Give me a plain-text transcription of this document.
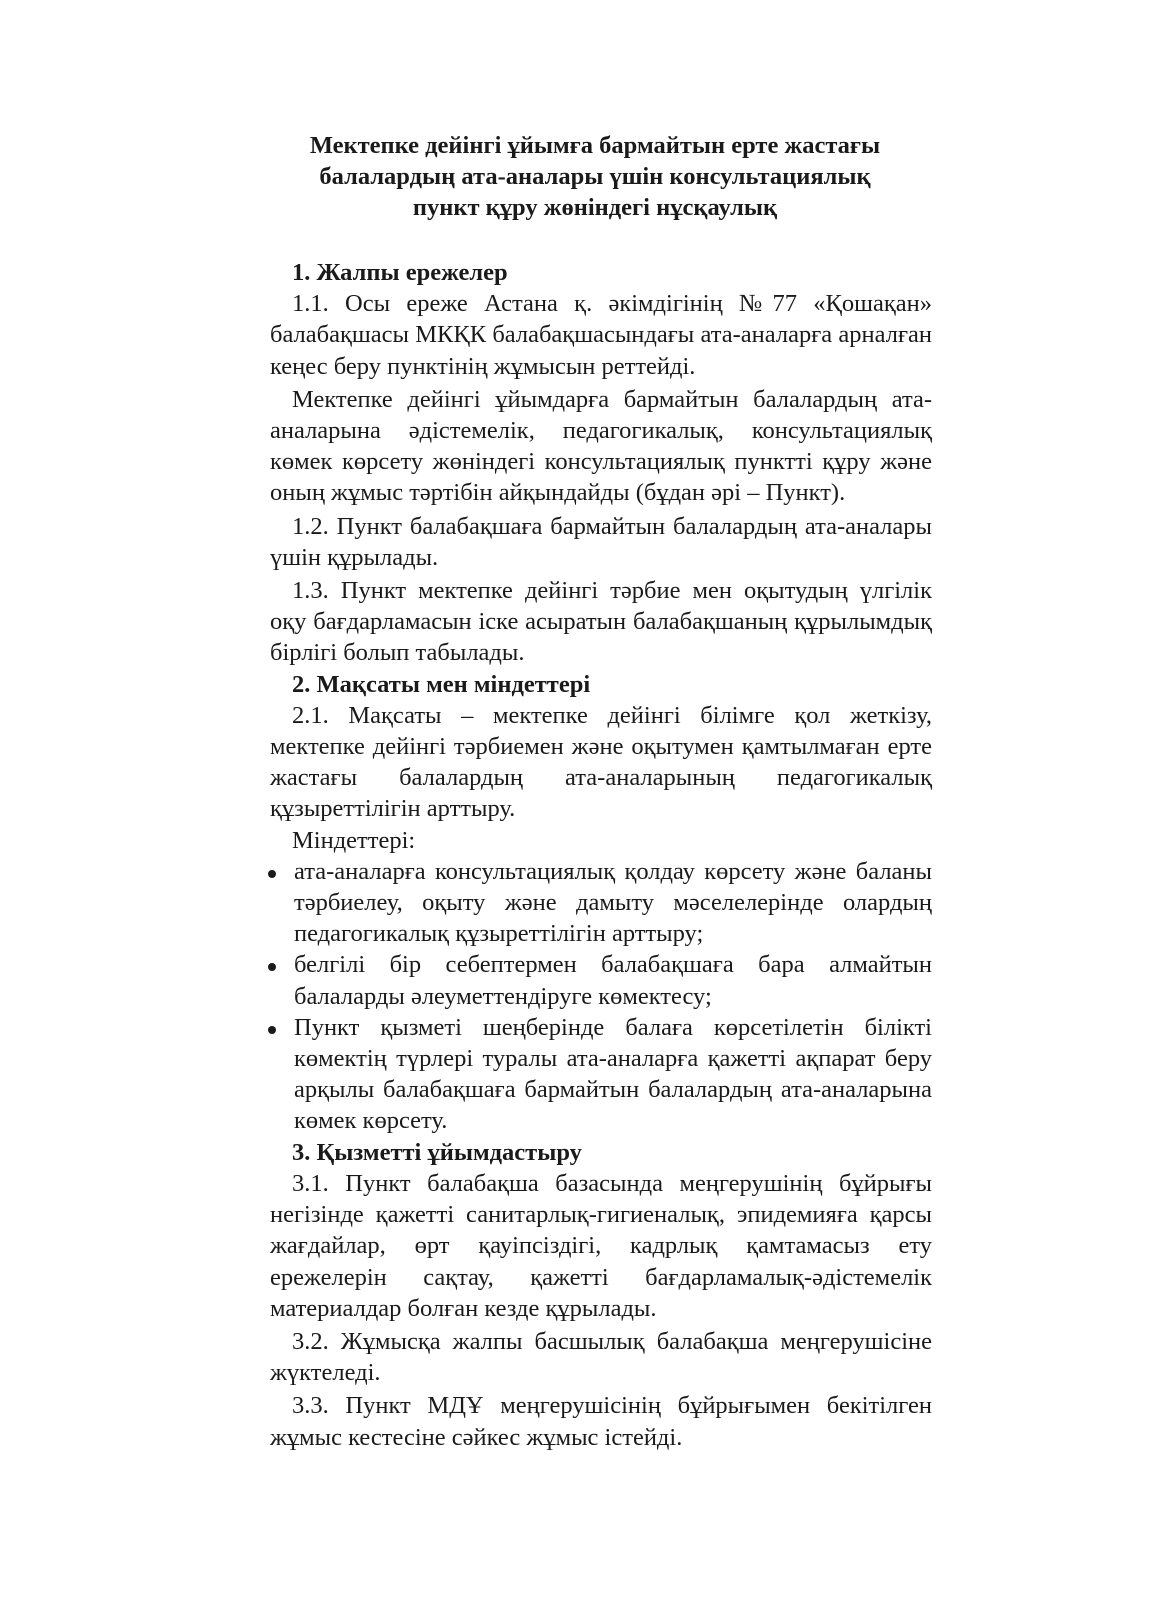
Мектепке дейінгі ұйымға бармайтын ерте жастағы
балалардың ата-аналары үшін консультациялық
пункт құру жөніндегі нұсқаулық
1. Жалпы ережелер

1.1. Осы ереже Астана қ. әкімдігінің №77 «Қошақан» балабақшасы МКҚК балабақшасындағы ата-аналарға арналған кеңес беру пунктінің жұмысын реттейді.

Мектепке дейінгі ұйымдарға бармайтын балалардың ата-аналарына әдістемелік, педагогикалық, консультациялық көмек көрсету жөніндегі консультациялық пунктті құру және оның жұмыс тәртібін айқындайды (бұдан әрі – Пункт).

1.2. Пункт балабақшаға бармайтын балалардың ата-аналары үшін құрылады.

1.3. Пункт мектепке дейінгі тәрбие мен оқытудың үлгілік оқу бағдарламасын іске асыратын балабақшаның құрылымдық бірлігі болып табылады.

2. Мақсаты мен міндеттері

2.1. Мақсаты – мектепке дейінгі білімге қол жеткізу, мектепке дейінгі тәрбиемен және оқытумен қамтылмаған ерте жастағы балалардың ата-аналарының педагогикалық құзыреттілігін арттыру.

Міндеттері:
ата-аналарға консультациялық қолдау көрсету және баланы тәрбиелеу, оқыту және дамыту мәселелерінде олардың педагогикалық құзыреттілігін арттыру;
белгілі бір себептермен балабақшаға бара алмайтын балаларды әлеуметтендіруге көмектесу;
Пункт қызметі шеңберінде балаға көрсетілетін білікті көмектің түрлері туралы ата-аналарға қажетті ақпарат беру арқылы балабақшаға бармайтын балалардың ата-аналарына көмек көрсету.
3. Қызметті ұйымдастыру

3.1. Пункт балабақша базасында меңгерушінің бұйрығы негізінде қажетті санитарлық-гигиеналық, эпидемияға қарсы жағдайлар, өрт қауіпсіздігі, кадрлық қамтамасыз ету ережелерін сақтау, қажетті бағдарламалық-әдістемелік материалдар болған кезде құрылады.

3.2. Жұмысқа жалпы басшылық балабақша меңгерушісіне жүктеледі.

3.3. Пункт МДҰ меңгерушісінің бұйрығымен бекітілген жұмыс кестесіне сәйкес жұмыс істейді.
